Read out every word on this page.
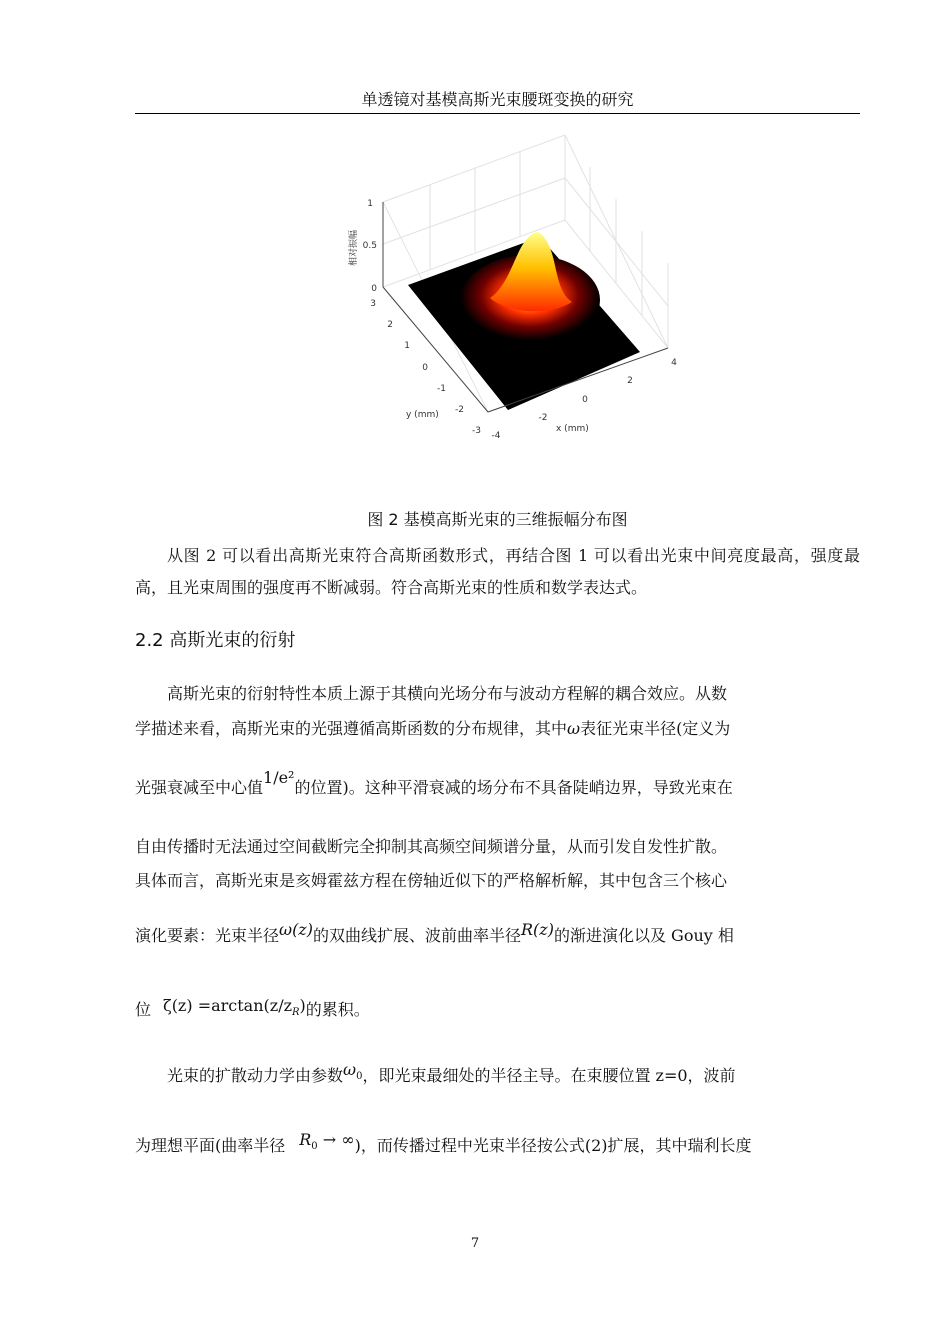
单透镜对基模高斯光束腰斑变换的研究
1
0.5
0
相对振幅
3
2
1
0
-1
-2
-3
y (mm)
-4
-2
0
2
4
x (mm)
图 2 基模高斯光束的三维振幅分布图

从图 2 可以看出高斯光束符合高斯函数形式，再结合图 1 可以看出光束中间亮度最高，强度最高，且光束周围的强度再不断减弱。符合高斯光束的性质和数学表达式。

2.2 高斯光束的衍射
高斯光束的衍射特性本质上源于其横向光场分布与波动方程解的耦合效应。从数
学描述来看，高斯光束的光强遵循高斯函数的分布规律，其中ω表征光束半径(定义为
光强衰减至中心值1/e²的位置)。这种平滑衰减的场分布不具备陡峭边界，导致光束在
自由传播时无法通过空间截断完全抑制其高频空间频谱分量，从而引发自发性扩散。
具体而言，高斯光束是亥姆霍兹方程在傍轴近似下的严格解析解，其中包含三个核心
演化要素：光束半径ω(z)的双曲线扩展、波前曲率半径R(z)的渐进演化以及 Gouy 相
位 $\zeta(z) =\arctan(z/z_R)$的累积。
光束的扩散动力学由参数$\omega_0$，即光束最细处的半径主导。在束腰位置 z=0，波前
为理想平面(曲率半径 $R_0$ → ∞)，而传播过程中光束半径按公式(2)扩展，其中瑞利长度
7
